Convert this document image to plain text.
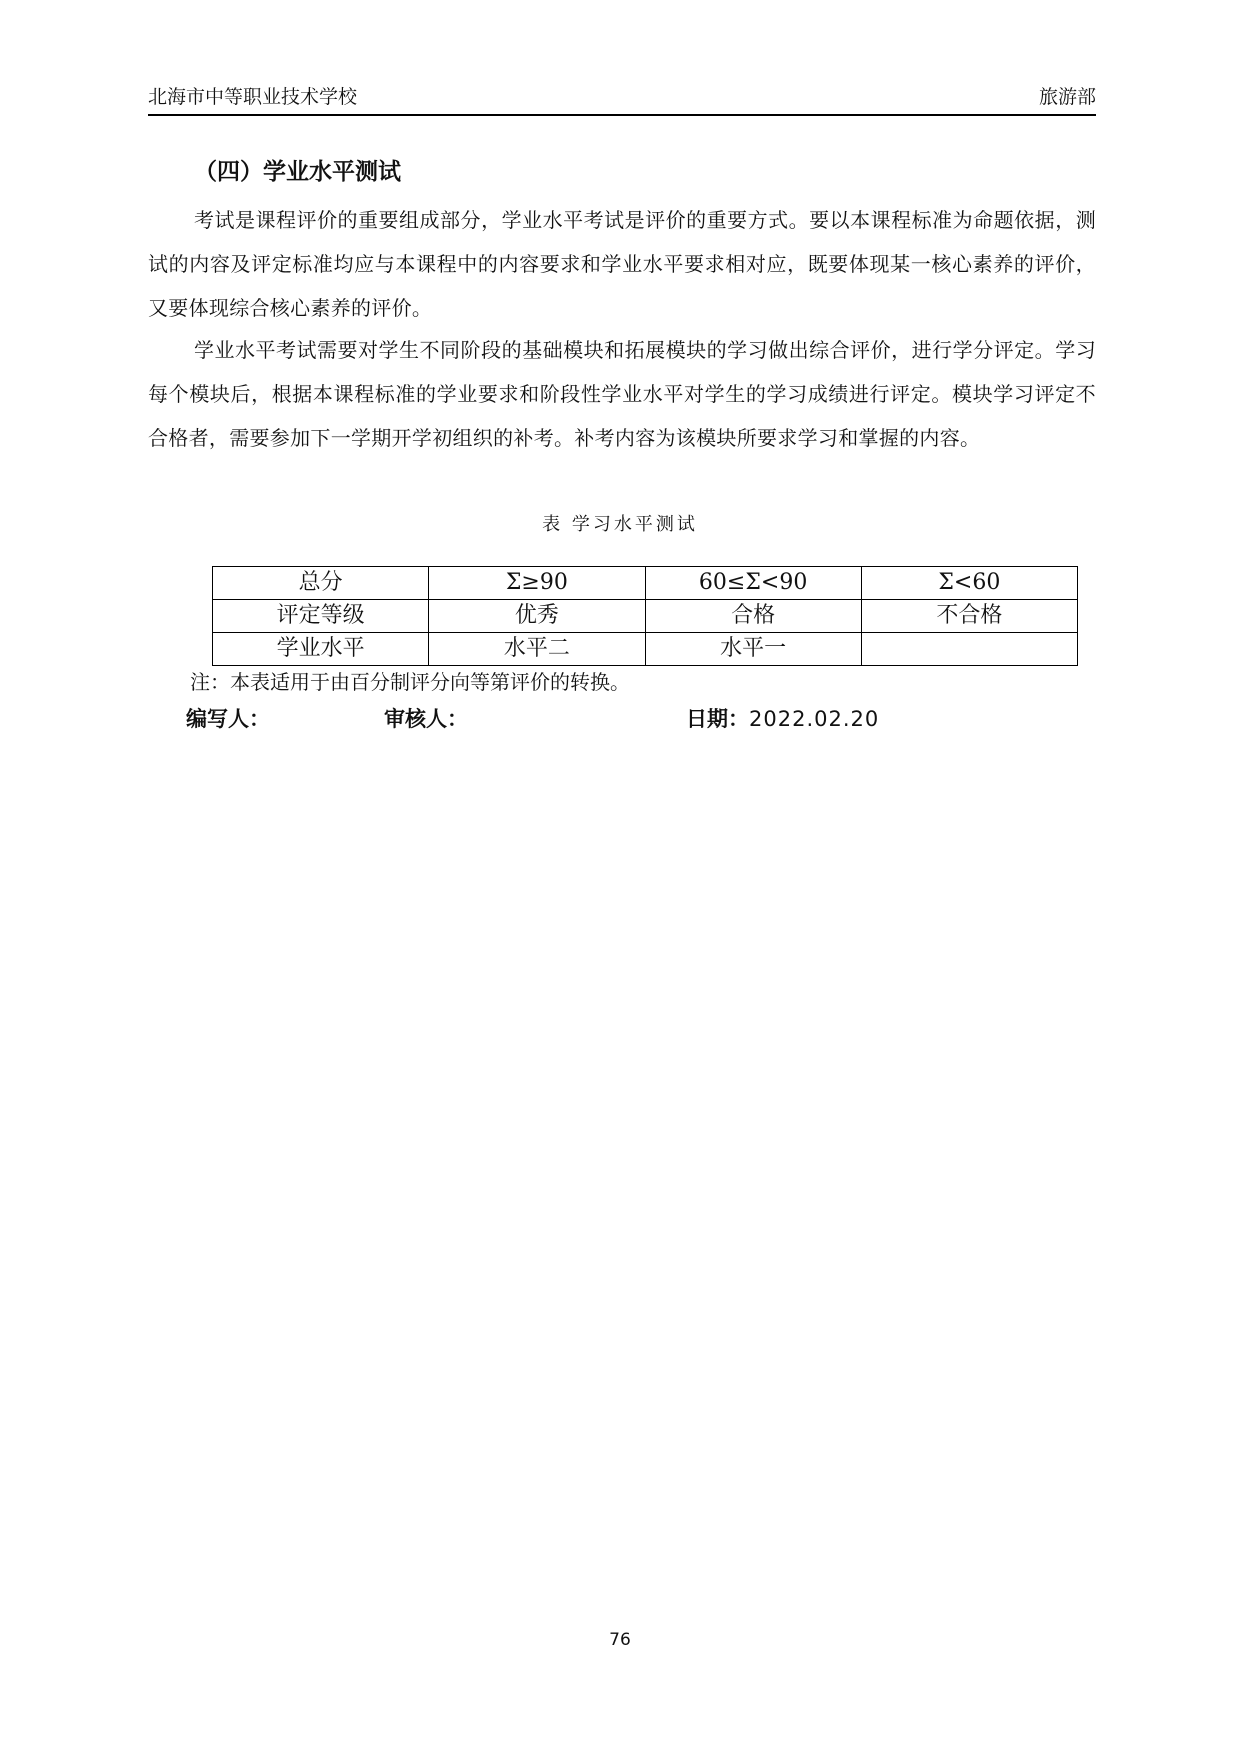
北海市中等职业技术学校	旅游部
（四）学业水平测试

考试是课程评价的重要组成部分，学业水平考试是评价的重要方式。要以本课程标准为命题依据，测试的内容及评定标准均应与本课程中的内容要求和学业水平要求相对应，既要体现某一核心素养的评价，又要体现综合核心素养的评价。

学业水平考试需要对学生不同阶段的基础模块和拓展模块的学习做出综合评价，进行学分评定。学习每个模块后，根据本课程标准的学业要求和阶段性学业水平对学生的学习成绩进行评定。模块学习评定不合格者，需要参加下一学期开学初组织的补考。补考内容为该模块所要求学习和掌握的内容。

表 学习水平测试
总分	Σ≥90	60≤Σ<90	Σ<60
评定等级	优秀	合格	不合格
学业水平	水平二	水平一	
注：本表适用于由百分制评分向等第评价的转换。
编写人：	审核人：	日期：2022.02.20
76
